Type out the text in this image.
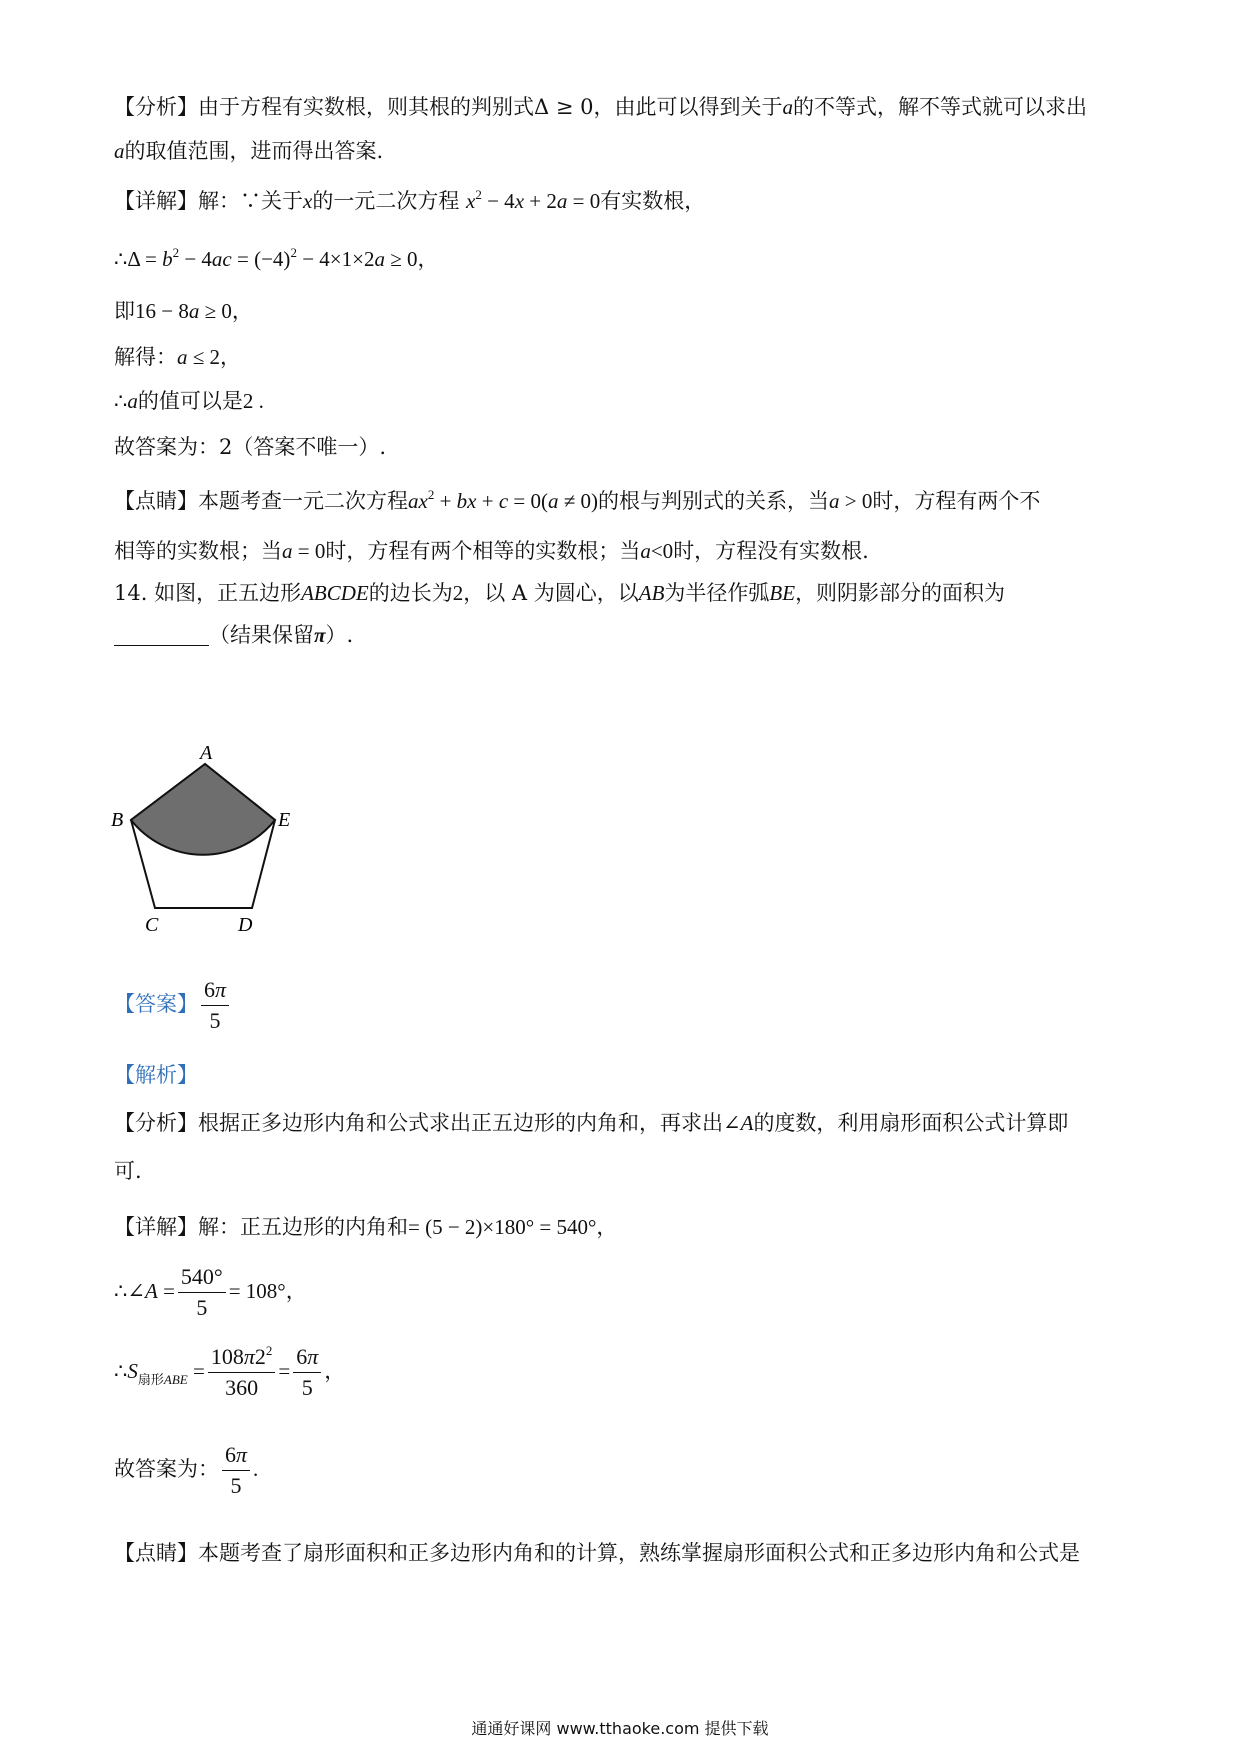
【分析】由于方程有实数根，则其根的判别式Δ ≥ 0，由此可以得到关于a的不等式，解不等式就可以求出
a的取值范围，进而得出答案.
【详解】解：∵关于x的一元二次方程 $x^2 - 4x + 2a = 0$有实数根，
∴Δ = $b^2 - 4ac = (-4)^2 - 4\times 1\times 2a \ge 0$，
即16 − 8a ≥ 0，
解得：a ≤ 2，
∴a的值可以是2 .
故答案为：2（答案不唯一）.
【点睛】本题考查一元二次方程$ax^2$ + bx + c = 0(a ≠ 0)的根与判别式的关系，当a > 0时，方程有两个不
相等的实数根；当a = 0时，方程有两个相等的实数根；当a<0时，方程没有实数根.
14. 如图，正五边形ABCDE的边长为2，以 A 为圆心，以AB为半径作弧BE，则阴影部分的面积为
（结果保留π）.
A
B	E
C	D
【答案】 $\frac{6\pi}{5}$
【解析】
【分析】根据正多边形内角和公式求出正五边形的内角和，再求出∠A的度数，利用扇形面积公式计算即
可.
【详解】解：正五边形的内角和= (5 − 2)×180° = 540°，
∴∠A = $\frac{540^\circ}{5} = 108^\circ$，
$\therefore S_{扇形ABE} = \frac{108\pi 2^2}{360} = \frac{6\pi}{5}$ ，
故答案为： $\frac{6\pi}{5}$ .
【点睛】本题考查了扇形面积和正多边形内角和的计算，熟练掌握扇形面积公式和正多边形内角和公式是
通通好课网 www.tthaoke.com 提供下载
